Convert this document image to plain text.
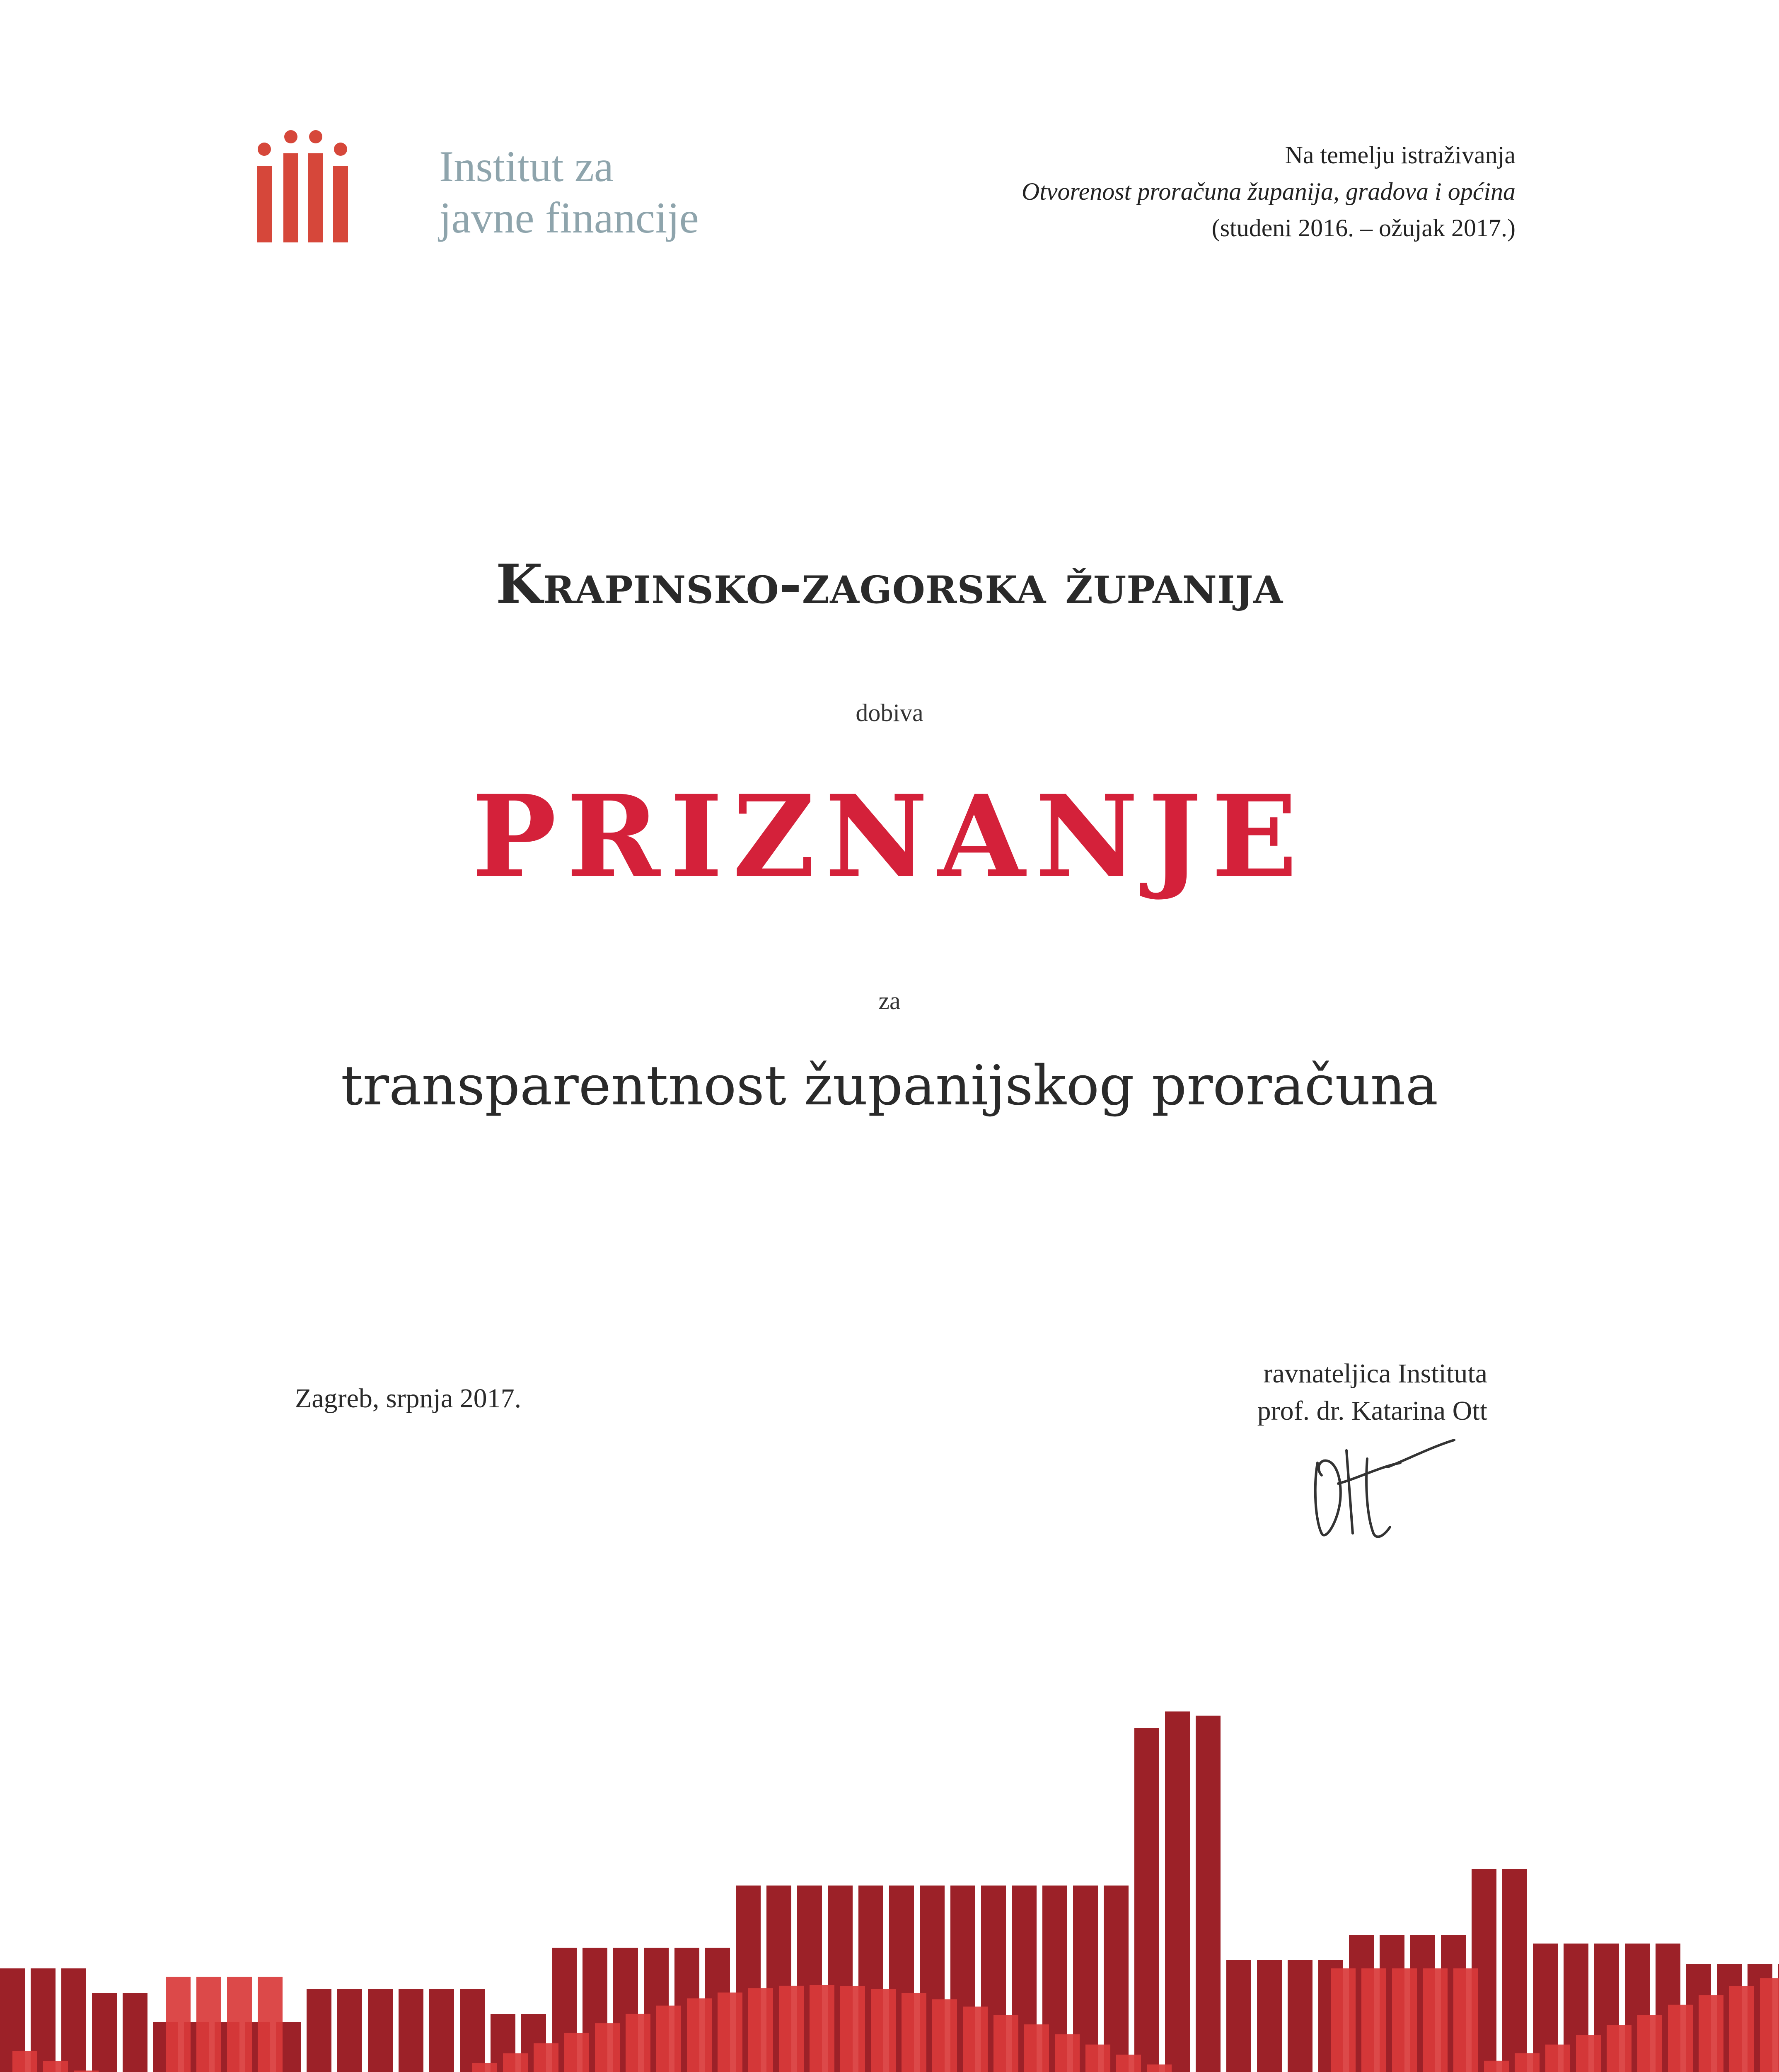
Institut za
javne financije
Na temelju istraživanja
Otvorenost proračuna županija, gradova i općina
(studeni 2016. – ožujak 2017.)
Krapinsko-zagorska županija
dobiva
PRIZNANJE
za
transparentnost županijskog proračuna
Zagreb, srpnja 2017.
ravnateljica Instituta
prof. dr. Katarina Ott
